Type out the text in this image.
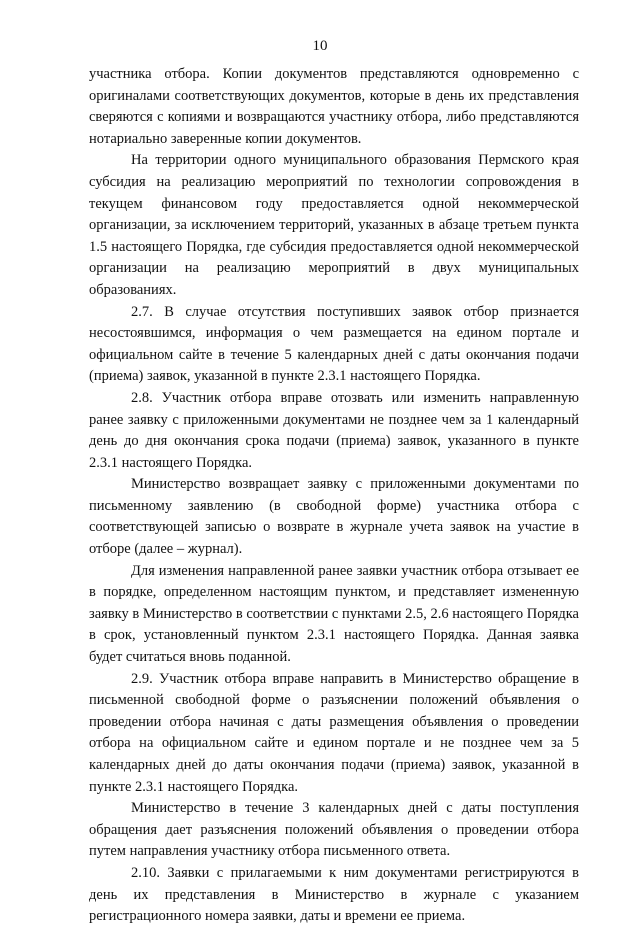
10

участника отбора. Копии документов представляются одновременно с оригиналами соответствующих документов, которые в день их представления сверяются с копиями и возвращаются участнику отбора, либо представляются нотариально заверенные копии документов.

На территории одного муниципального образования Пермского края субсидия на реализацию мероприятий по технологии сопровождения в текущем финансовом году предоставляется одной некоммерческой организации, за исключением территорий, указанных в абзаце третьем пункта 1.5 настоящего Порядка, где субсидия предоставляется одной некоммерческой организации на реализацию мероприятий в двух муниципальных образованиях.

2.7. В случае отсутствия поступивших заявок отбор признается несостоявшимся, информация о чем размещается на едином портале и официальном сайте в течение 5 календарных дней с даты окончания подачи (приема) заявок, указанной в пункте 2.3.1 настоящего Порядка.

2.8. Участник отбора вправе отозвать или изменить направленную ранее заявку с приложенными документами не позднее чем за 1 календарный день до дня окончания срока подачи (приема) заявок, указанного в пункте 2.3.1 настоящего Порядка.

Министерство возвращает заявку с приложенными документами по письменному заявлению (в свободной форме) участника отбора с соответствующей записью о возврате в журнале учета заявок на участие в отборе (далее – журнал).

Для изменения направленной ранее заявки участник отбора отзывает ее в порядке, определенном настоящим пунктом, и представляет измененную заявку в Министерство в соответствии с пунктами 2.5, 2.6 настоящего Порядка в срок, установленный пунктом 2.3.1 настоящего Порядка. Данная заявка будет считаться вновь поданной.

2.9. Участник отбора вправе направить в Министерство обращение в письменной свободной форме о разъяснении положений объявления о проведении отбора начиная с даты размещения объявления о проведении отбора на официальном сайте и едином портале и не позднее чем за 5 календарных дней до даты окончания подачи (приема) заявок, указанной в пункте 2.3.1 настоящего Порядка.

Министерство в течение 3 календарных дней с даты поступления обращения дает разъяснения положений объявления о проведении отбора путем направления участнику отбора письменного ответа.

2.10. Заявки с прилагаемыми к ним документами регистрируются в день их представления в Министерство в журнале с указанием регистрационного номера заявки, даты и времени ее приема.
